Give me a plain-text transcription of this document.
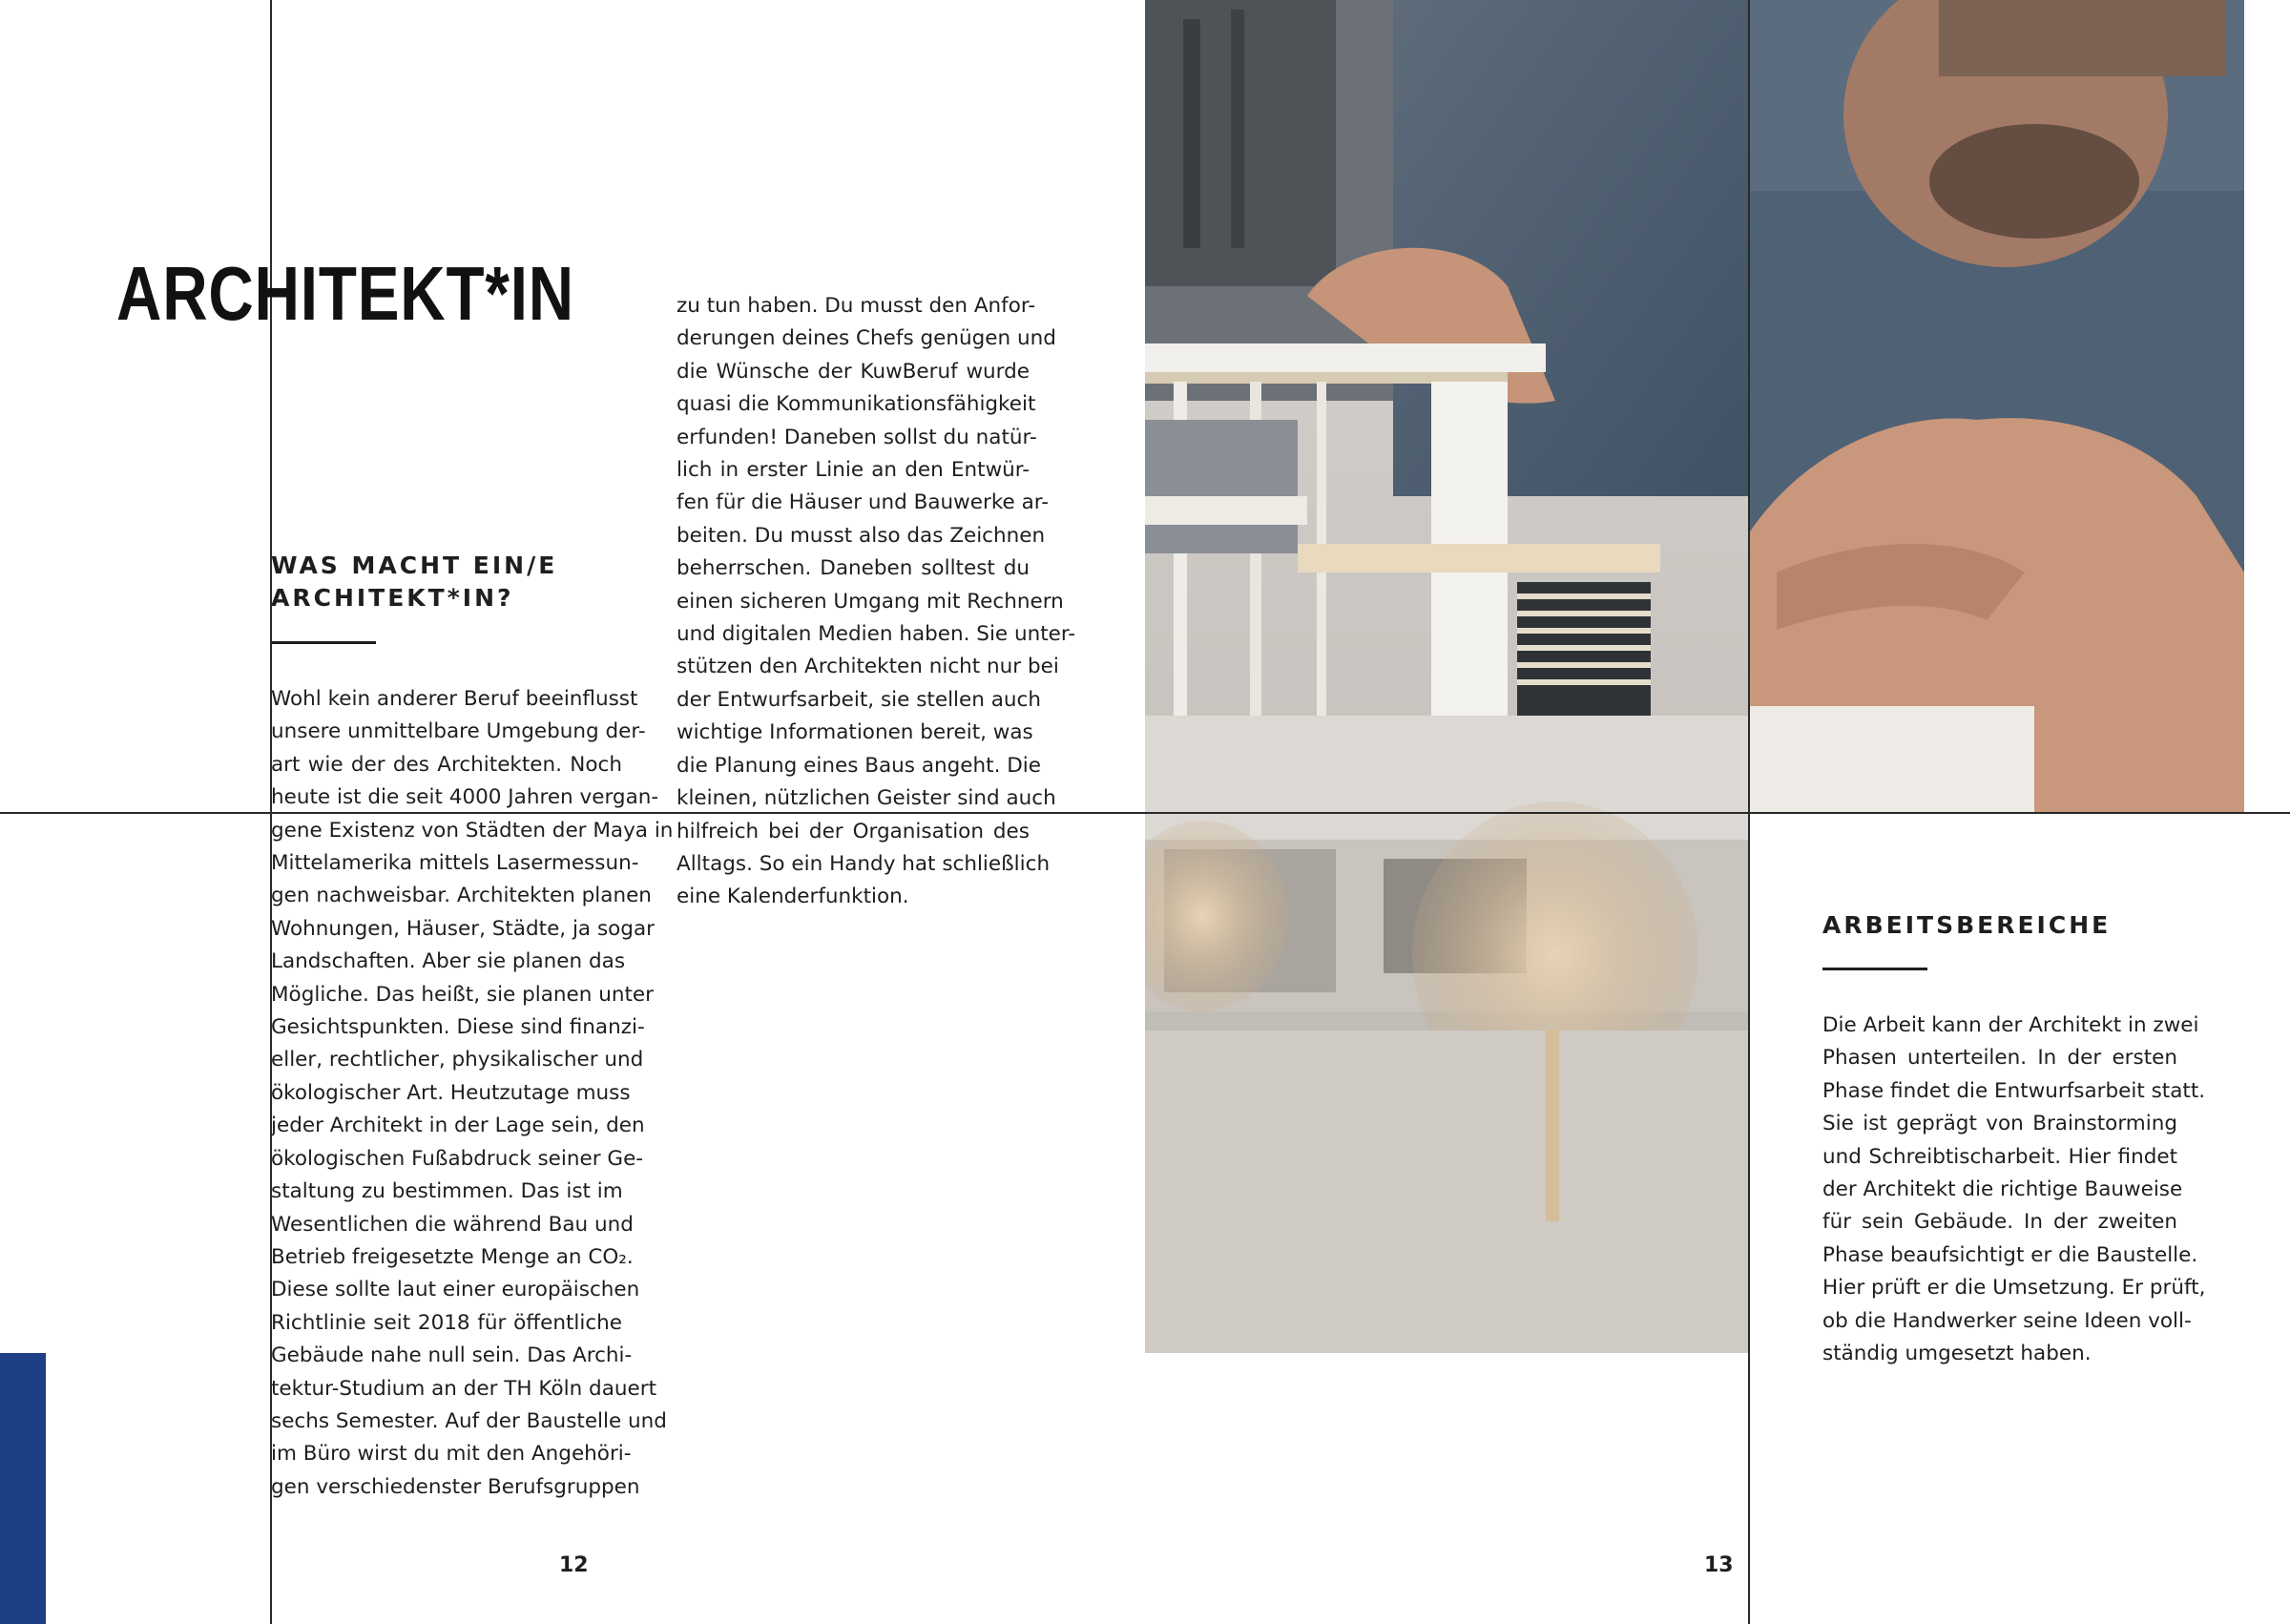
ARCHITEKT*IN
WAS MACHT EIN/E
ARCHITEKT*IN?
Wohl kein anderer Beruf beeinflusst
unsere unmittelbare Umgebung der-
art wie der des Architekten. Noch
heute ist die seit 4000 Jahren vergan-
gene Existenz von Städten der Maya in
Mittelamerika mittels Lasermessun-
gen nachweisbar. Architekten planen
Wohnungen, Häuser, Städte, ja sogar
Landschaften. Aber sie planen das
Mögliche. Das heißt, sie planen unter
Gesichtspunkten. Diese sind finanzi-
eller, rechtlicher, physikalischer und
ökologischer Art. Heutzutage muss
jeder Architekt in der Lage sein, den
ökologischen Fußabdruck seiner Ge-
staltung zu bestimmen. Das ist im
Wesentlichen die während Bau und
Betrieb freigesetzte Menge an CO₂.
Diese sollte laut einer europäischen
Richtlinie seit 2018 für öffentliche
Gebäude nahe null sein. Das Archi-
tektur-Studium an der TH Köln dauert
sechs Semester. Auf der Baustelle und
im Büro wirst du mit den Angehöri-
gen verschiedenster Berufsgruppen
zu tun haben. Du musst den Anfor-
derungen deines Chefs genügen und
die Wünsche der KuwBeruf wurde
quasi die Kommunikationsfähigkeit
erfunden! Daneben sollst du natür-
lich in erster Linie an den Entwür-
fen für die Häuser und Bauwerke ar-
beiten. Du musst also das Zeichnen
beherrschen. Daneben solltest du
einen sicheren Umgang mit Rechnern
und digitalen Medien haben. Sie unter-
stützen den Architekten nicht nur bei
der Entwurfsarbeit, sie stellen auch
wichtige Informationen bereit, was
die Planung eines Baus angeht. Die
kleinen, nützlichen Geister sind auch
hilfreich bei der Organisation des
Alltags. So ein Handy hat schließlich
eine Kalenderfunktion.
ARBEITSBEREICHE
Die Arbeit kann der Architekt in zwei
Phasen unterteilen. In der ersten
Phase findet die Entwurfsarbeit statt.
Sie ist geprägt von Brainstorming
und Schreibtischarbeit. Hier findet
der Architekt die richtige Bauweise
für sein Gebäude. In der zweiten
Phase beaufsichtigt er die Baustelle.
Hier prüft er die Umsetzung. Er prüft,
ob die Handwerker seine Ideen voll-
ständig umgesetzt haben.
12	13
